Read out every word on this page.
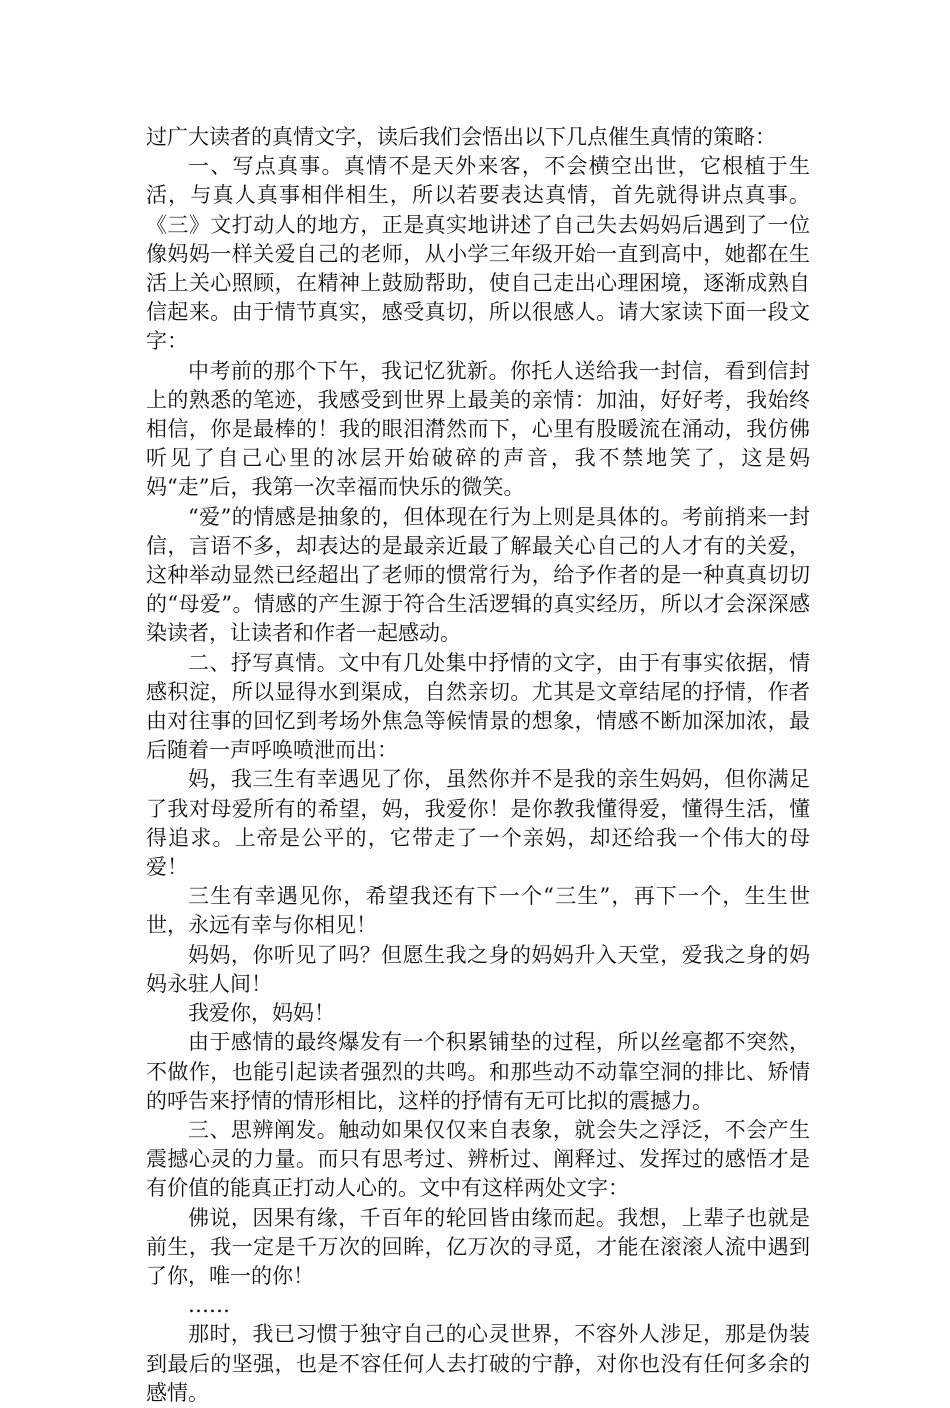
过广大读者的真情文字，读后我们会悟出以下几点催生真情的策略：

一、写点真事。真情不是天外来客，不会横空出世，它根植于生活，与真人真事相伴相生，所以若要表达真情，首先就得讲点真事。《三》文打动人的地方，正是真实地讲述了自己失去妈妈后遇到了一位像妈妈一样关爱自己的老师，从小学三年级开始一直到高中，她都在生活上关心照顾，在精神上鼓励帮助，使自己走出心理困境，逐渐成熟自信起来。由于情节真实，感受真切，所以很感人。请大家读下面一段文字：

中考前的那个下午，我记忆犹新。你托人送给我一封信，看到信封上的熟悉的笔迹，我感受到世界上最美的亲情：加油，好好考，我始终相信，你是最棒的！我的眼泪潸然而下，心里有股暖流在涌动，我仿佛听见了自己心里的冰层开始破碎的声音，我不禁地笑了，这是妈妈“走”后，我第一次幸福而快乐的微笑。

“爱”的情感是抽象的，但体现在行为上则是具体的。考前捎来一封信，言语不多，却表达的是最亲近最了解最关心自己的人才有的关爱，这种举动显然已经超出了老师的惯常行为，给予作者的是一种真真切切的“母爱”。情感的产生源于符合生活逻辑的真实经历，所以才会深深感染读者，让读者和作者一起感动。

二、抒写真情。文中有几处集中抒情的文字，由于有事实依据，情感积淀，所以显得水到渠成，自然亲切。尤其是文章结尾的抒情，作者由对往事的回忆到考场外焦急等候情景的想象，情感不断加深加浓，最后随着一声呼唤喷泄而出：

妈，我三生有幸遇见了你，虽然你并不是我的亲生妈妈，但你满足了我对母爱所有的希望，妈，我爱你！是你教我懂得爱，懂得生活，懂得追求。上帝是公平的，它带走了一个亲妈，却还给我一个伟大的母爱！

三生有幸遇见你，希望我还有下一个“三生”，再下一个，生生世世，永远有幸与你相见！

妈妈，你听见了吗？但愿生我之身的妈妈升入天堂，爱我之身的妈妈永驻人间！

我爱你，妈妈！

由于感情的最终爆发有一个积累铺垫的过程，所以丝毫都不突然，不做作，也能引起读者强烈的共鸣。和那些动不动靠空洞的排比、矫情的呼告来抒情的情形相比，这样的抒情有无可比拟的震撼力。

三、思辨阐发。触动如果仅仅来自表象，就会失之浮泛，不会产生震撼心灵的力量。而只有思考过、辨析过、阐释过、发挥过的感悟才是有价值的能真正打动人心的。文中有这样两处文字：

佛说，因果有缘，千百年的轮回皆由缘而起。我想，上辈子也就是前生，我一定是千万次的回眸，亿万次的寻觅，才能在滚滚人流中遇到了你，唯一的你！

……

那时，我已习惯于独守自己的心灵世界，不容外人涉足，那是伪装到最后的坚强，也是不容任何人去打破的宁静，对你也没有任何多余的感情。
